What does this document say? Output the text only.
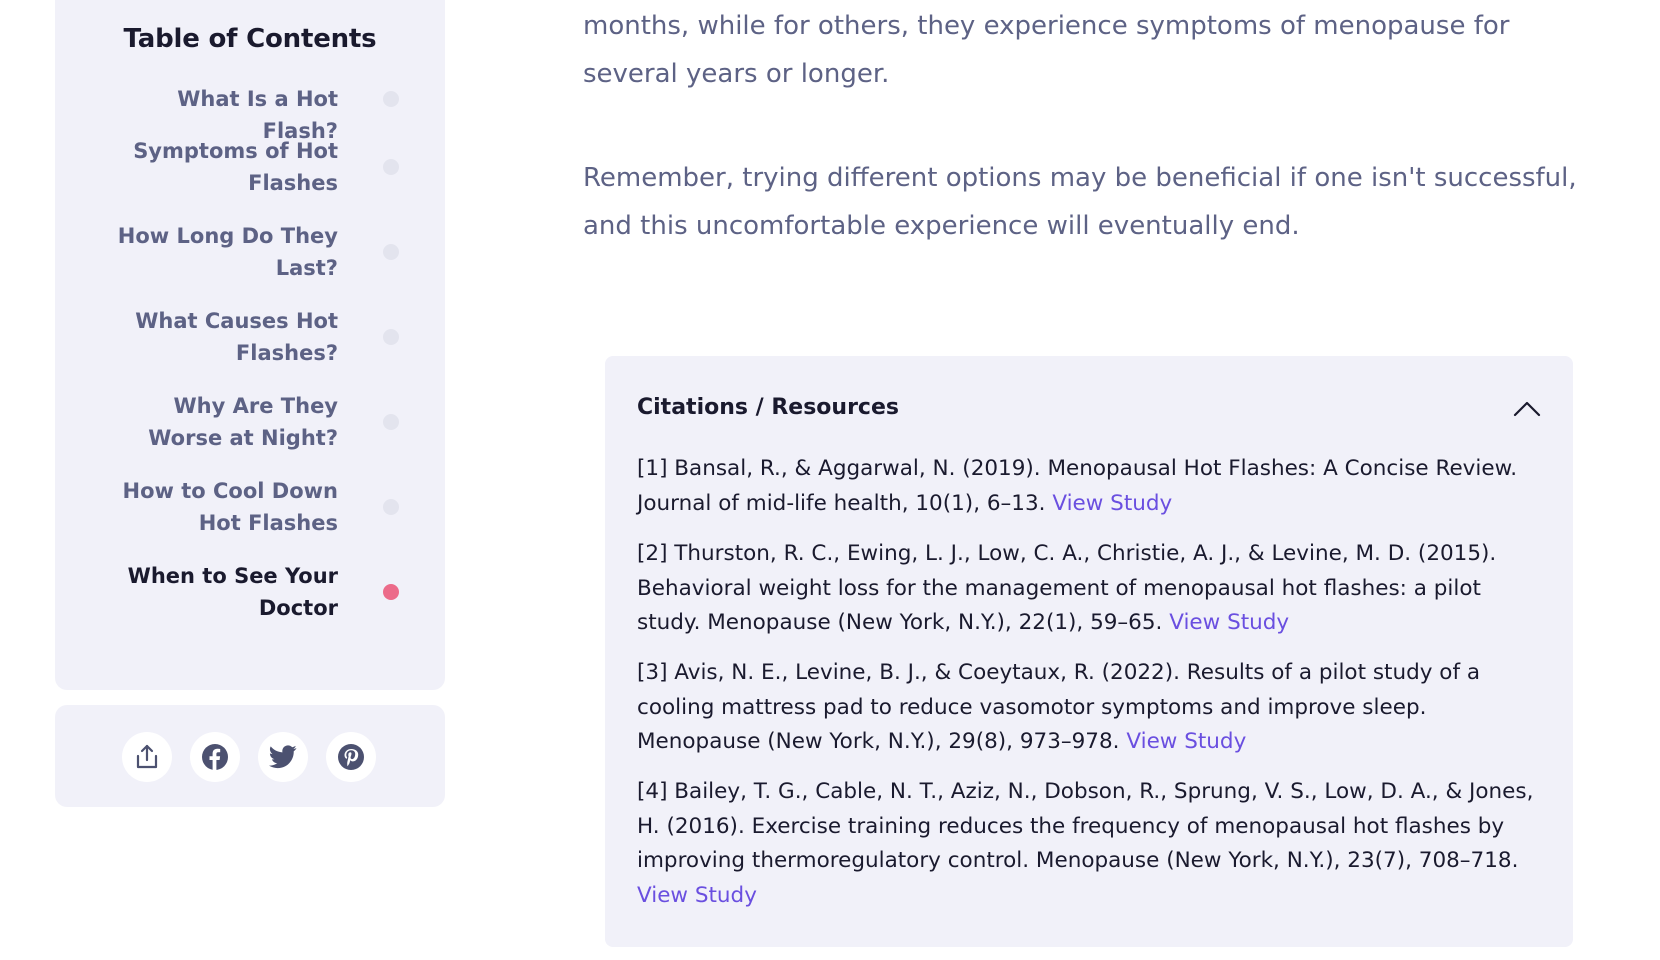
Table of Contents
What Is a Hot Flash?
Symptoms of Hot Flashes
How Long Do They Last?
What Causes Hot Flashes?
Why Are They Worse at Night?
How to Cool Down Hot Flashes
When to See Your Doctor

months, while for others, they experience symptoms of menopause for several years or longer.

Remember, trying different options may be beneficial if one isn't successful, and this uncomfortable experience will eventually end.

Citations / Resources

[1] Bansal, R., & Aggarwal, N. (2019). Menopausal Hot Flashes: A Concise Review. Journal of mid-life health, 10(1), 6–13. View Study

[2] Thurston, R. C., Ewing, L. J., Low, C. A., Christie, A. J., & Levine, M. D. (2015). Behavioral weight loss for the management of menopausal hot flashes: a pilot study. Menopause (New York, N.Y.), 22(1), 59–65. View Study

[3] Avis, N. E., Levine, B. J., & Coeytaux, R. (2022). Results of a pilot study of a cooling mattress pad to reduce vasomotor symptoms and improve sleep. Menopause (New York, N.Y.), 29(8), 973–978. View Study

[4] Bailey, T. G., Cable, N. T., Aziz, N., Dobson, R., Sprung, V. S., Low, D. A., & Jones, H. (2016). Exercise training reduces the frequency of menopausal hot flashes by improving thermoregulatory control. Menopause (New York, N.Y.), 23(7), 708–718. View Study
